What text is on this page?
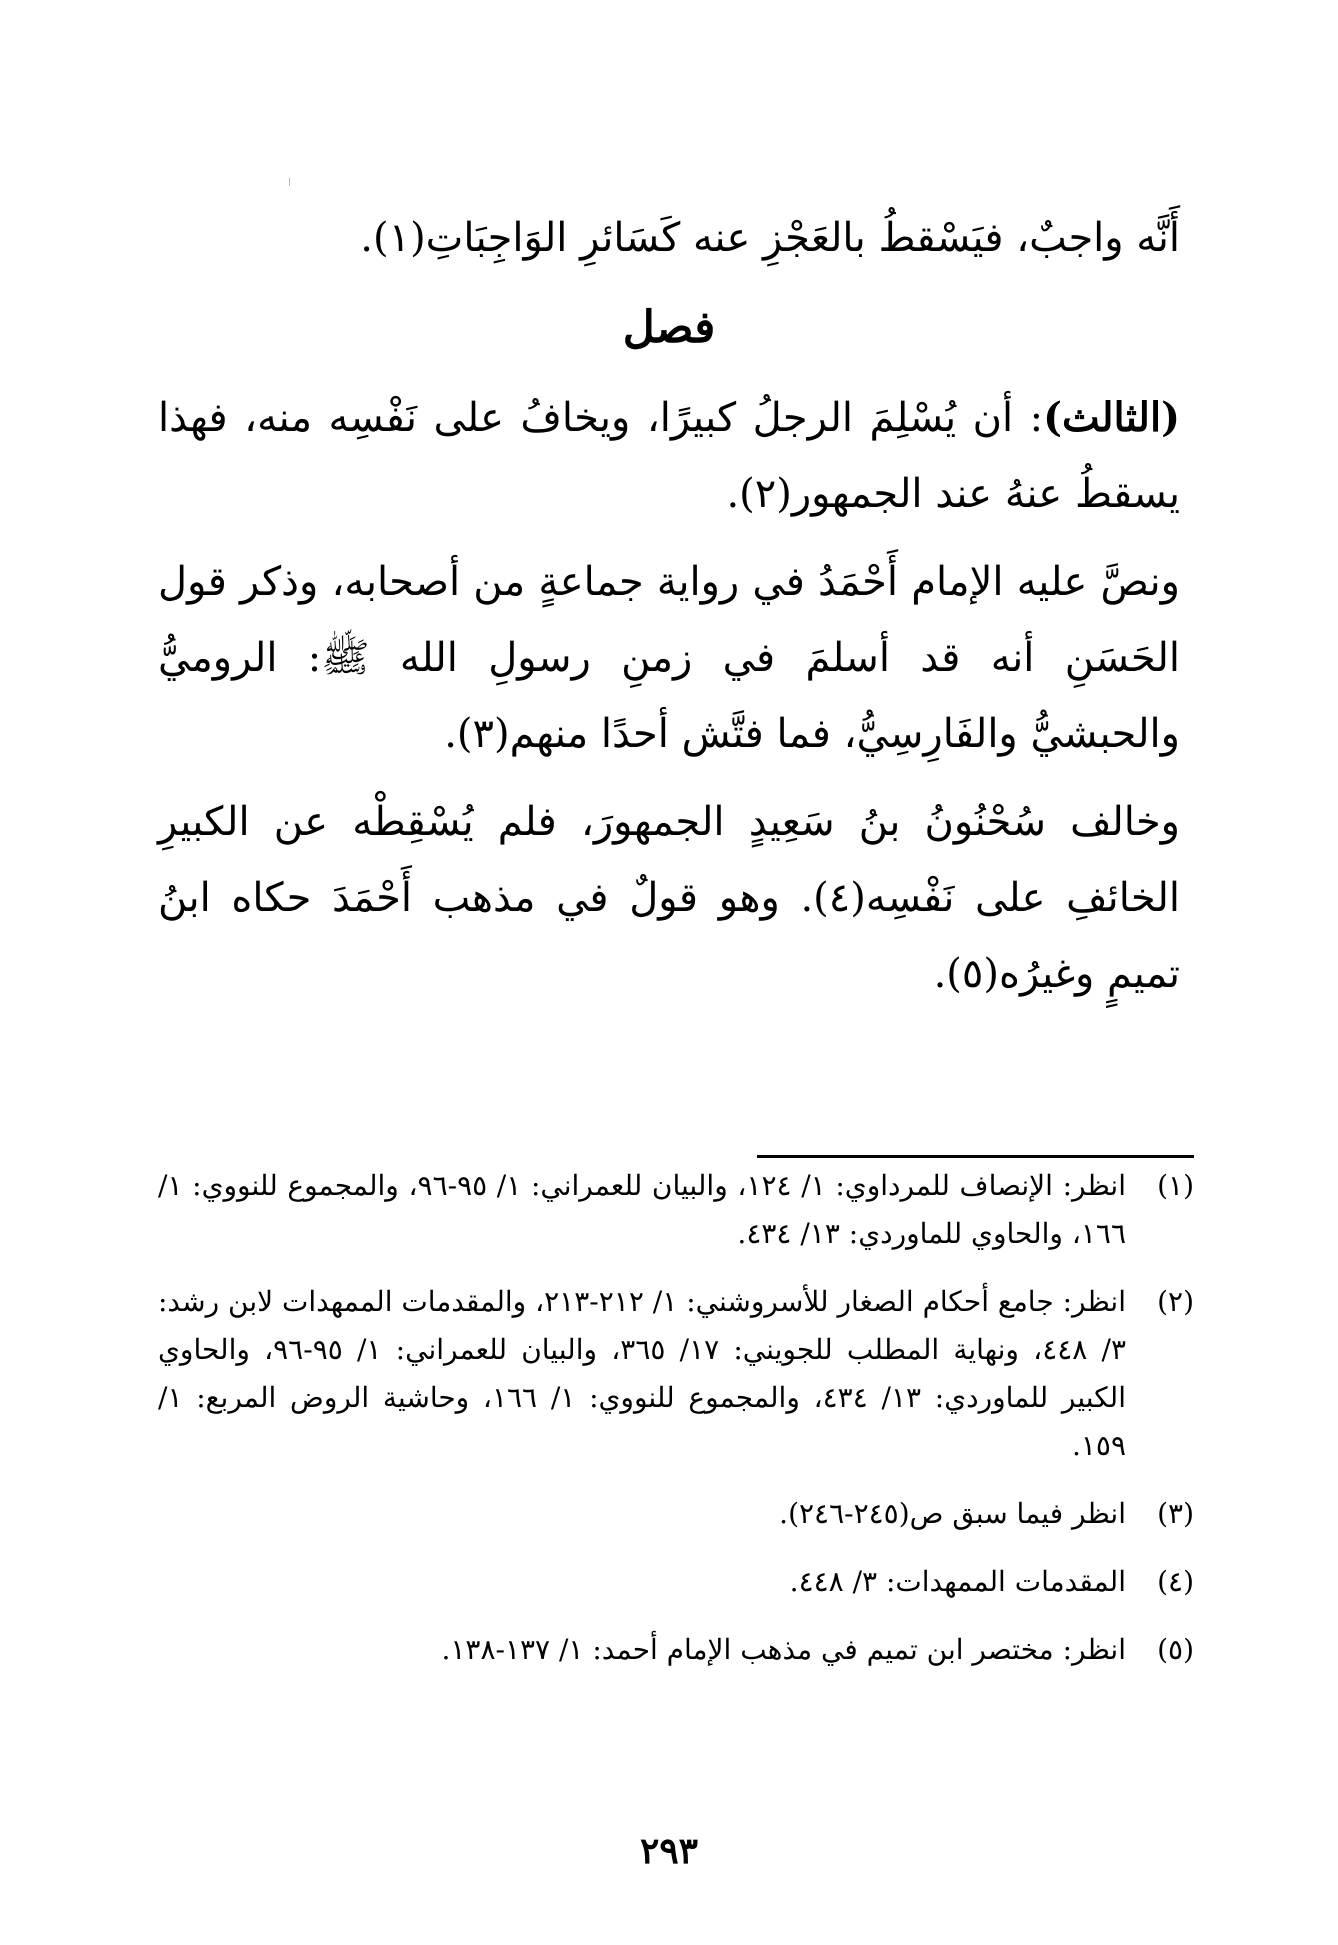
أَنَّه واجبٌ، فيَسْقطُ بالعَجْزِ عنه كَسَائرِ الوَاجِبَاتِ(١).

فصل

(الثالث): أن يُسْلِمَ الرجلُ كبيرًا، ويخافُ على نَفْسِه منه، فهذا يسقطُ عنهُ عند الجمهور(٢).

ونصَّ عليه الإمام أَحْمَدُ في رواية جماعةٍ من أصحابه، وذكر قول الحَسَنِ أنه قد أسلمَ في زمنِ رسولِ الله ﷺ: الروميُّ والحبشيُّ والفَارِسِيُّ، فما فتَّش أحدًا منهم(٣).

وخالف سُحْنُونُ بنُ سَعِيدٍ الجمهورَ، فلم يُسْقِطْه عن الكبيرِ الخائفِ على نَفْسِه(٤). وهو قولٌ في مذهب أَحْمَدَ حكاه ابنُ تميمٍ وغيرُه(٥).

(١)
انظر: الإنصاف للمرداوي: ١/ ١٢٤، والبيان للعمراني: ١/ ٩٥-٩٦، والمجموع للنووي: ١/ ١٦٦، والحاوي للماوردي: ١٣/ ٤٣٤.
(٢)
انظر: جامع أحكام الصغار للأسروشني: ١/ ٢١٢-٢١٣، والمقدمات الممهدات لابن رشد: ٣/ ٤٤٨، ونهاية المطلب للجويني: ١٧/ ٣٦٥، والبيان للعمراني: ١/ ٩٥-٩٦، والحاوي الكبير للماوردي: ١٣/ ٤٣٤، والمجموع للنووي: ١/ ١٦٦، وحاشية الروض المربع: ١/ ١٥٩.
(٣)
انظر فيما سبق ص(٢٤٥-٢٤٦).
(٤)
المقدمات الممهدات: ٣/ ٤٤٨.
(٥)
انظر: مختصر ابن تميم في مذهب الإمام أحمد: ١/ ١٣٧-١٣٨.
٢٩٣
